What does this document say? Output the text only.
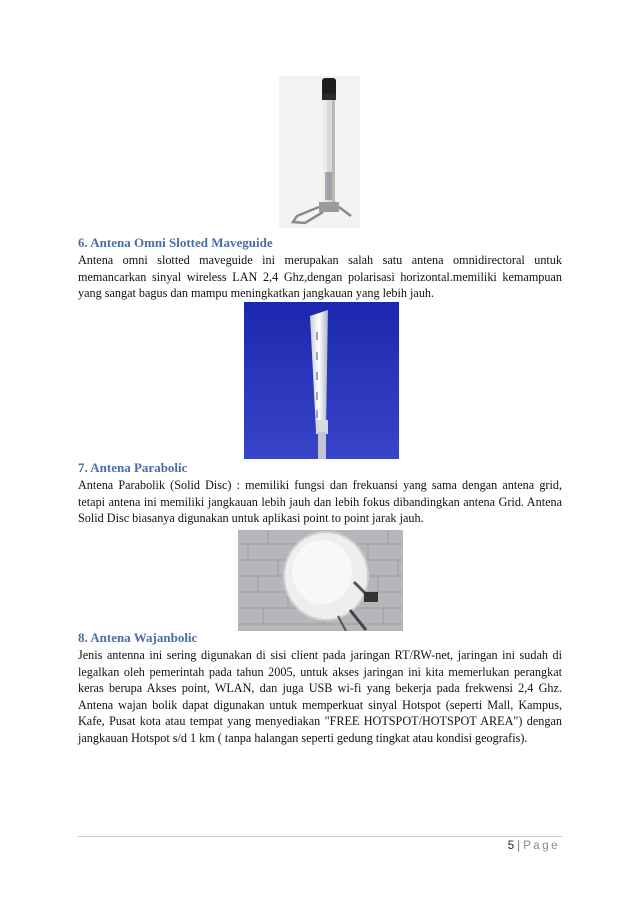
6. Antena Omni Slotted Maveguide

Antena omni slotted maveguide ini merupakan salah satu antena omnidirectoral untuk memancarkan sinyal wireless LAN 2,4 Ghz,dengan polarisasi horizontal.memiliki kemampuan yang sangat bagus dan mampu meningkatkan jangkauan yang lebih jauh.

7. Antena Parabolic

Antena Parabolik (Solid Disc) : memiliki fungsi dan frekuansi yang sama dengan antena grid, tetapi antena ini memiliki jangkauan lebih jauh dan lebih fokus dibandingkan antena Grid. Antena Solid Disc biasanya digunakan untuk aplikasi point to point jarak jauh.

8. Antena Wajanbolic

Jenis antenna ini sering digunakan di sisi client pada jaringan RT/RW-net, jaringan ini sudah di legalkan oleh pemerintah pada tahun 2005, untuk akses jaringan ini kita memerlukan perangkat keras berupa Akses point, WLAN, dan juga USB wi-fi yang bekerja pada frekwensi 2,4 Ghz. Antena wajan bolik dapat digunakan untuk memperkuat sinyal Hotspot (seperti Mall, Kampus, Kafe, Pusat kota atau tempat yang menyediakan "FREE HOTSPOT/HOTSPOT AREA") dengan jangkauan Hotspot s/d 1 km ( tanpa halangan seperti gedung tingkat atau kondisi geografis).

5 | Page
